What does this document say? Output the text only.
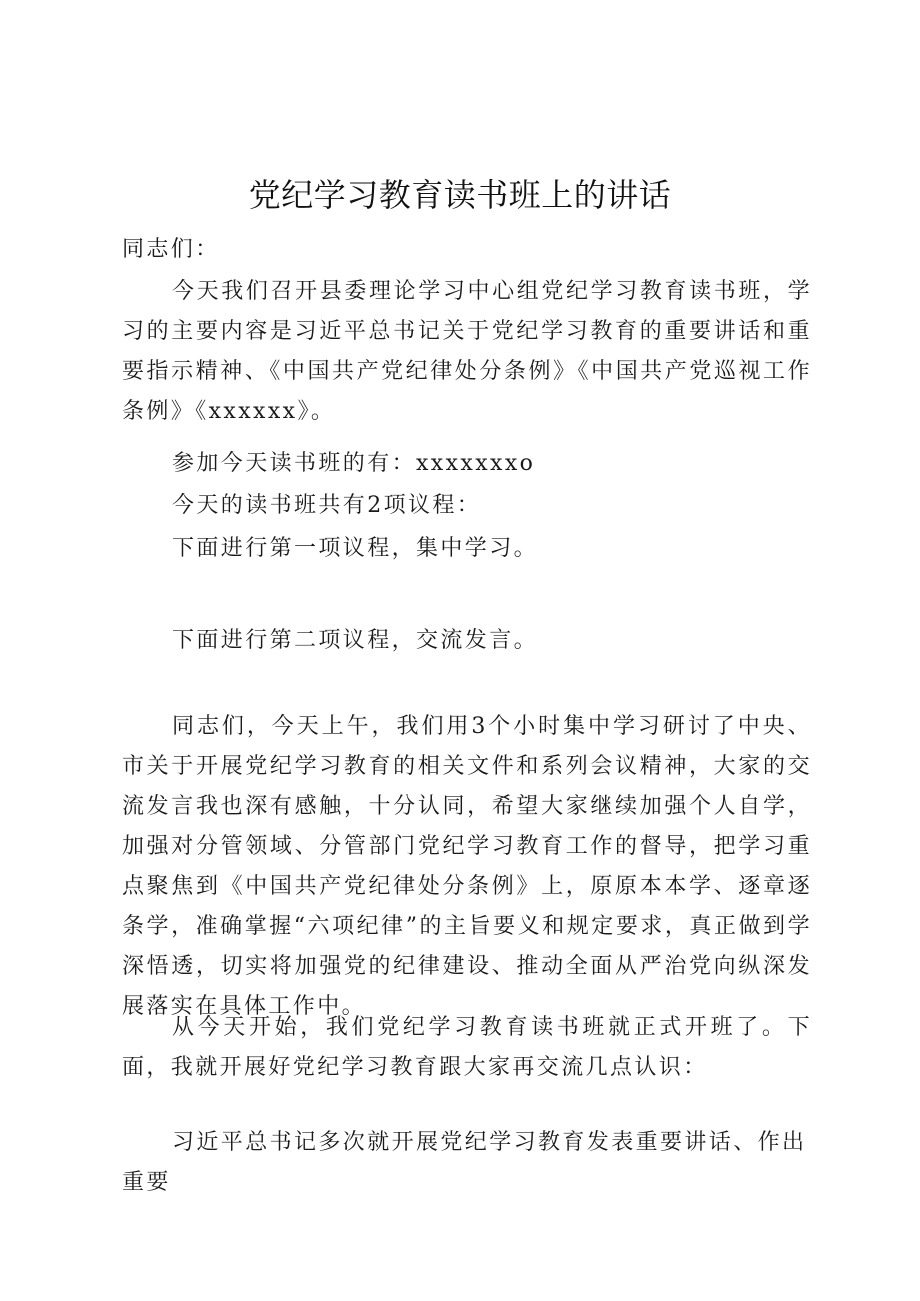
党纪学习教育读书班上的讲话

同志们：

今天我们召开县委理论学习中心组党纪学习教育读书班，学习的主要内容是习近平总书记关于党纪学习教育的重要讲话和重要指示精神、《中国共产党纪律处分条例》《中国共产党巡视工作条例》《xxxxxx》。

参加今天读书班的有：xxxxxxxo

今天的读书班共有2项议程：

下面进行第一项议程，集中学习。

下面进行第二项议程，交流发言。

同志们，今天上午，我们用3个小时集中学习研讨了中央、市关于开展党纪学习教育的相关文件和系列会议精神，大家的交流发言我也深有感触，十分认同，希望大家继续加强个人自学，加强对分管领域、分管部门党纪学习教育工作的督导，把学习重点聚焦到《中国共产党纪律处分条例》上，原原本本学、逐章逐条学，准确掌握“六项纪律”的主旨要义和规定要求，真正做到学深悟透，切实将加强党的纪律建设、推动全面从严治党向纵深发展落实在具体工作中。

从今天开始，我们党纪学习教育读书班就正式开班了。下面，我就开展好党纪学习教育跟大家再交流几点认识：

习近平总书记多次就开展党纪学习教育发表重要讲话、作出重要
